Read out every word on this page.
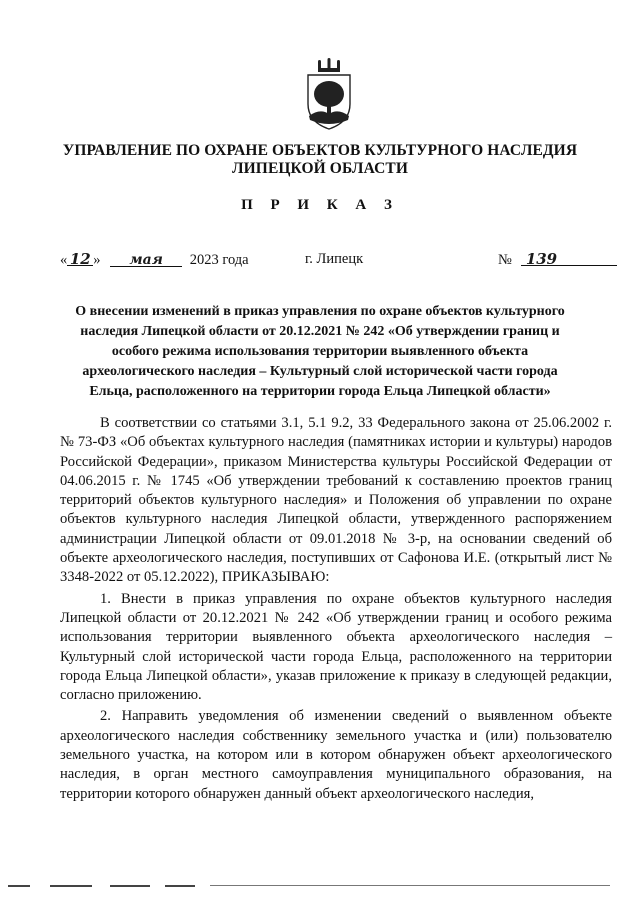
УПРАВЛЕНИЕ ПО ОХРАНЕ ОБЪЕКТОВ КУЛЬТУРНОГО НАСЛЕДИЯ
ЛИПЕЦКОЙ ОБЛАСТИ
П Р И К А З
« 12 » мая 2023 года	г. Липецк	№ 139
О внесении изменений в приказ управления по охране объектов культурного
наследия Липецкой области от 20.12.2021 № 242 «Об утверждении границ и
особого режима использования территории выявленного объекта
археологического наследия – Культурный слой исторической части города
Ельца, расположенного на территории города Ельца Липецкой области»

В соответствии со статьями 3.1, 5.1 9.2, 33 Федерального закона от 25.06.2002 г. № 73-ФЗ «Об объектах культурного наследия (памятниках истории и культуры) народов Российской Федерации», приказом Министерства культуры Российской Федерации от 04.06.2015 г. № 1745 «Об утверждении требований к составлению проектов границ территорий объектов культурного наследия» и Положения об управлении по охране объектов культурного наследия Липецкой области, утвержденного распоряжением администрации Липецкой области от 09.01.2018 № 3-р, на основании сведений об объекте археологического наследия, поступивших от Сафонова И.Е. (открытый лист № 3348-2022 от 05.12.2022), ПРИКАЗЫВАЮ:

1. Внести в приказ управления по охране объектов культурного наследия Липецкой области от 20.12.2021 № 242 «Об утверждении границ и особого режима использования территории выявленного объекта археологического наследия – Культурный слой исторической части города Ельца, расположенного на территории города Ельца Липецкой области», указав приложение к приказу в следующей редакции, согласно приложению.

2. Направить уведомления об изменении сведений о выявленном объекте археологического наследия собственнику земельного участка и (или) пользователю земельного участка, на котором или в котором обнаружен объект археологического наследия, в орган местного самоуправления муниципального образования, на территории которого обнаружен данный объект археологического наследия,
